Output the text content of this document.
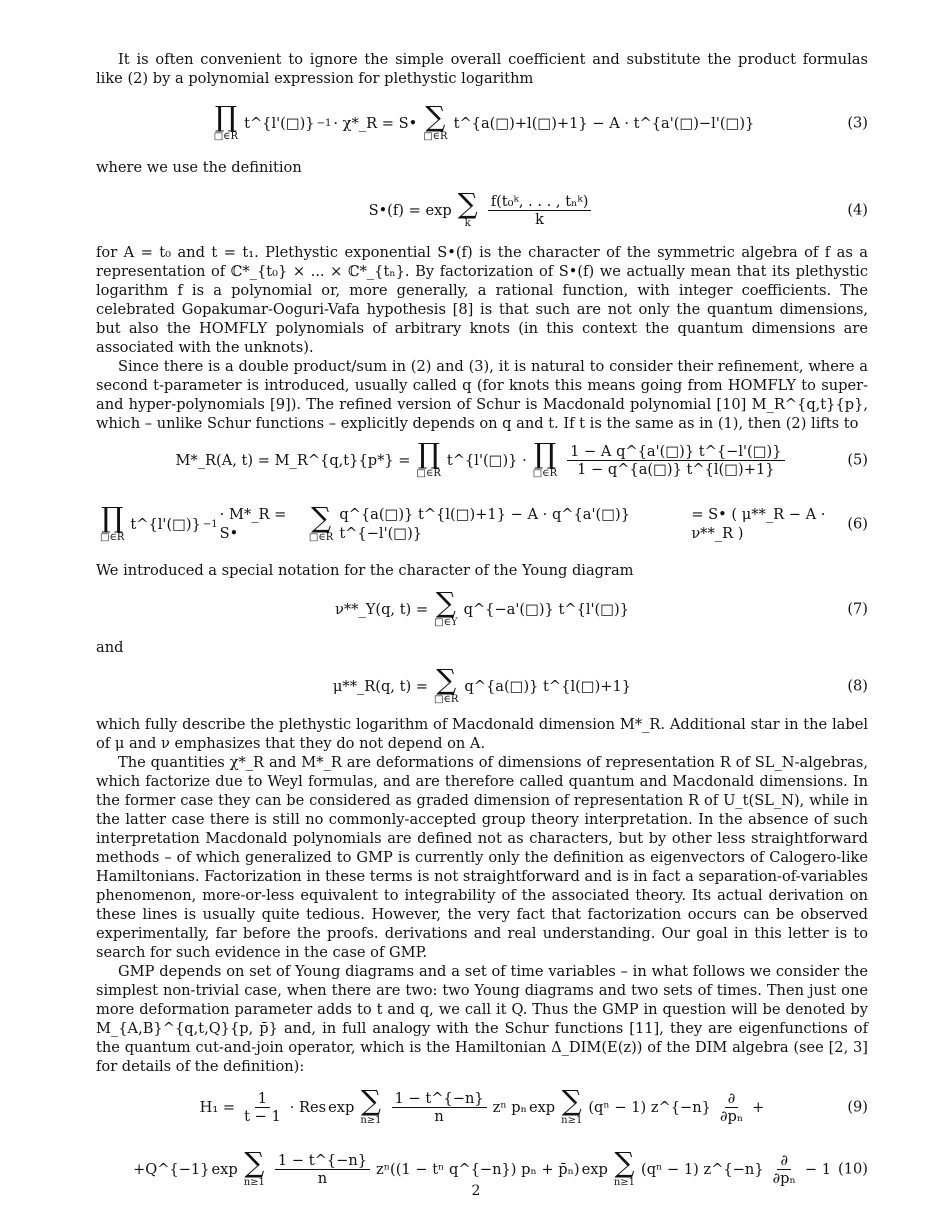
It is often convenient to ignore the simple overall coefficient and substitute the product formulas like (2) by a polynomial expression for plethystic logarithm

∏
□∈R
t^{l'(□)} −1 · χ*_R = S• ∑
□∈R
t^{a(□)+l(□)+1} − A · t^{a'(□)−l'(□)}	(3)

where we use the definition

S•(f) = exp ∑
k $\frac{\text{f(t₀ᵏ, . . . , tₙᵏ)}}{k}$	(4)

for A = t₀ and t = t₁. Plethystic exponential S•(f) is the character of the symmetric algebra of f as a representation of ℂ*_{t₀} × ... × ℂ*_{tₙ}. By factorization of S•(f) we actually mean that its plethystic logarithm f is a polynomial or, more generally, a rational function, with integer coefficients. The celebrated Gopakumar-Ooguri-Vafa hypothesis [8] is that such are not only the quantum dimensions, but also the HOMFLY polynomials of arbitrary knots (in this context the quantum dimensions are associated with the unknots).

Since there is a double product/sum in (2) and (3), it is natural to consider their refinement, where a second t-parameter is introduced, usually called q (for knots this means going from HOMFLY to super- and hyper-polynomials [9]). The refined version of Schur is Macdonald polynomial [10] M_R^{q,t}{p}, which – unlike Schur functions – explicitly depends on q and t. If t is the same as in (1), then (2) lifts to

M*_R(A, t) = M_R^{q,t}{p*} = ∏
□∈R
t^{l'(□)} · ∏
□∈R $\frac{\text{1 − A q\textasciicircum{}\{a'(□)\} t\textasciicircum{}\{−l'(□)\}}}{1 - q\^{}\{a(□)\} t\^{}\{l(□)+1\}}$	(5)
∏
□∈R
t^{l'(□)} −1
· M*_R = S•	∑
□∈R
q^{a(□)} t^{l(□)+1} − A · q^{a'(□)} t^{−l'(□)}
= S• ( μ**_R − A · ν**_R )
(6)

We introduced a special notation for the character of the Young diagram

ν**_Y(q, t) = ∑
□∈Y
q^{−a'(□)} t^{l'(□)}	(7)

and

μ**_R(q, t) = ∑
□∈R
q^{a(□)} t^{l(□)+1}	(8)

which fully describe the plethystic logarithm of Macdonald dimension M*_R. Additional star in the label of μ and ν emphasizes that they do not depend on A.

The quantities χ*_R and M*_R are deformations of dimensions of representation R of SL_N-algebras, which factorize due to Weyl formulas, and are therefore called quantum and Macdonald dimensions. In the former case they can be considered as graded dimension of representation R of U_t(SL_N), while in the latter case there is still no commonly-accepted group theory interpretation. In the absence of such interpretation Macdonald polynomials are defined not as characters, but by other less straightforward methods – of which generalized to GMP is currently only the definition as eigenvectors of Calogero-like Hamiltonians. Factorization in these terms is not straightforward and is in fact a separation-of-variables phenomenon, more-or-less equivalent to integrability of the associated theory. Its actual derivation on these lines is usually quite tedious. However, the very fact that factorization occurs can be observed experimentally, far before the proofs. derivations and real understanding. Our goal in this letter is to search for such evidence in the case of GMP.

GMP depends on set of Young diagrams and a set of time variables – in what follows we consider the simplest non-trivial case, when there are two: two Young diagrams and two sets of times. Then just one more deformation parameter adds to t and q, we call it Q. Thus the GMP in question will be denoted by M_{A,B}^{q,t,Q}{p, p̄} and, in full analogy with the Schur functions [11], they are eigenfunctions of the quantum cut-and-join operator, which is the Hamiltonian Δ_DIM(E(z)) of the DIM algebra (see [2, 3] for details of the definition):

$H_1 = \frac{1}{t - 1}$ · Res exp ∑
$n\ge 1 \frac{1 - t\^{}\{-n\}}{n}$ zⁿ pₙ exp ∑
n≥1
(qⁿ − 1) z^{−n} $\frac{\partial}{\text{∂pₙ}}$ +	(9)
+Q^{−1} exp ∑
$n\ge 1 \frac{1 - t\^{}\{-n\}}{n} z^n((1 - t^n$ q^{−n}) pₙ + p̄ₙ) exp ∑
n≥1
(qⁿ − 1) z^{−n} $\frac{\partial}{\text{∂pₙ}} - 1$ (10)
2
